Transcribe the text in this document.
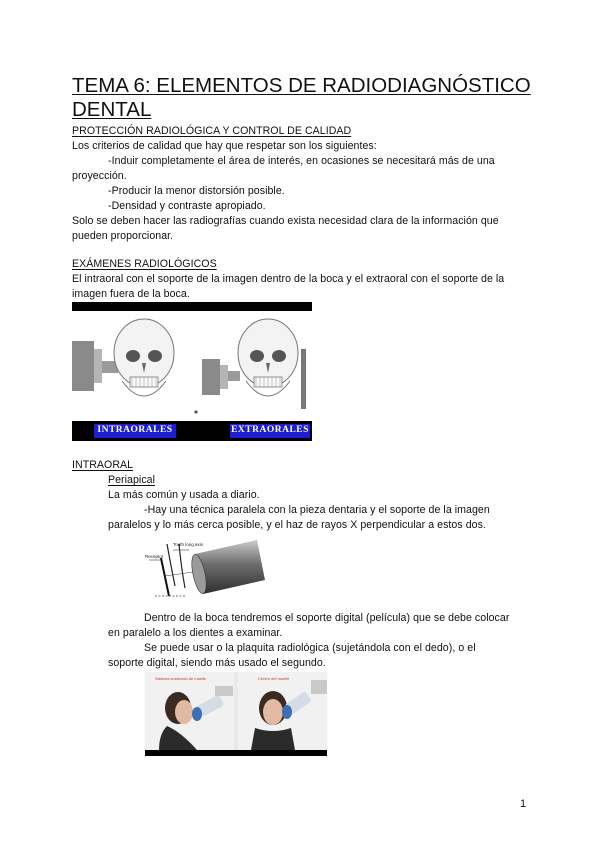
TEMA 6: ELEMENTOS DE RADIODIAGNÓSTICO
DENTAL
PROTECCIÓN RADIOLÓGICA Y CONTROL DE CALIDAD
Los criterios de calidad que hay que respetar son los siguientes:
-Induir completamente el área de interés, en ocasiones se necesitará más de una
proyección.
-Producir la menor distorsión posible.
-Densidad y contraste apropiado.
Solo se deben hacer las radiografías cuando exista necesidad clara de la información que
pueden proporcionar.
EXÁMENES RADIOLÓGICOS
El intraoral con el soporte de la imagen dentro de la boca y el extraoral con el soporte de la
imagen fuera de la boca.
INTRAORALES	EXTRAORALES
INTRAORAL
Periapical
La más común y usada a diario.
-Hay una técnica paralela con la pieza dentaria y el soporte de la imagen
paralelos y lo más cerca posible, y el haz de rayos X perpendicular a estos dos.
Tooth long axis
Receptor
Dentro de la boca tendremos el soporte digital (película) que se debe colocar
en paralelo a los dientes a examinar.
Se puede usar o la plaquita radiológica (sujetándola con el dedo), o el
soporte digital, siendo más usado el segundo.
Sistema sostenido de muelle	Centro del muelle
1
